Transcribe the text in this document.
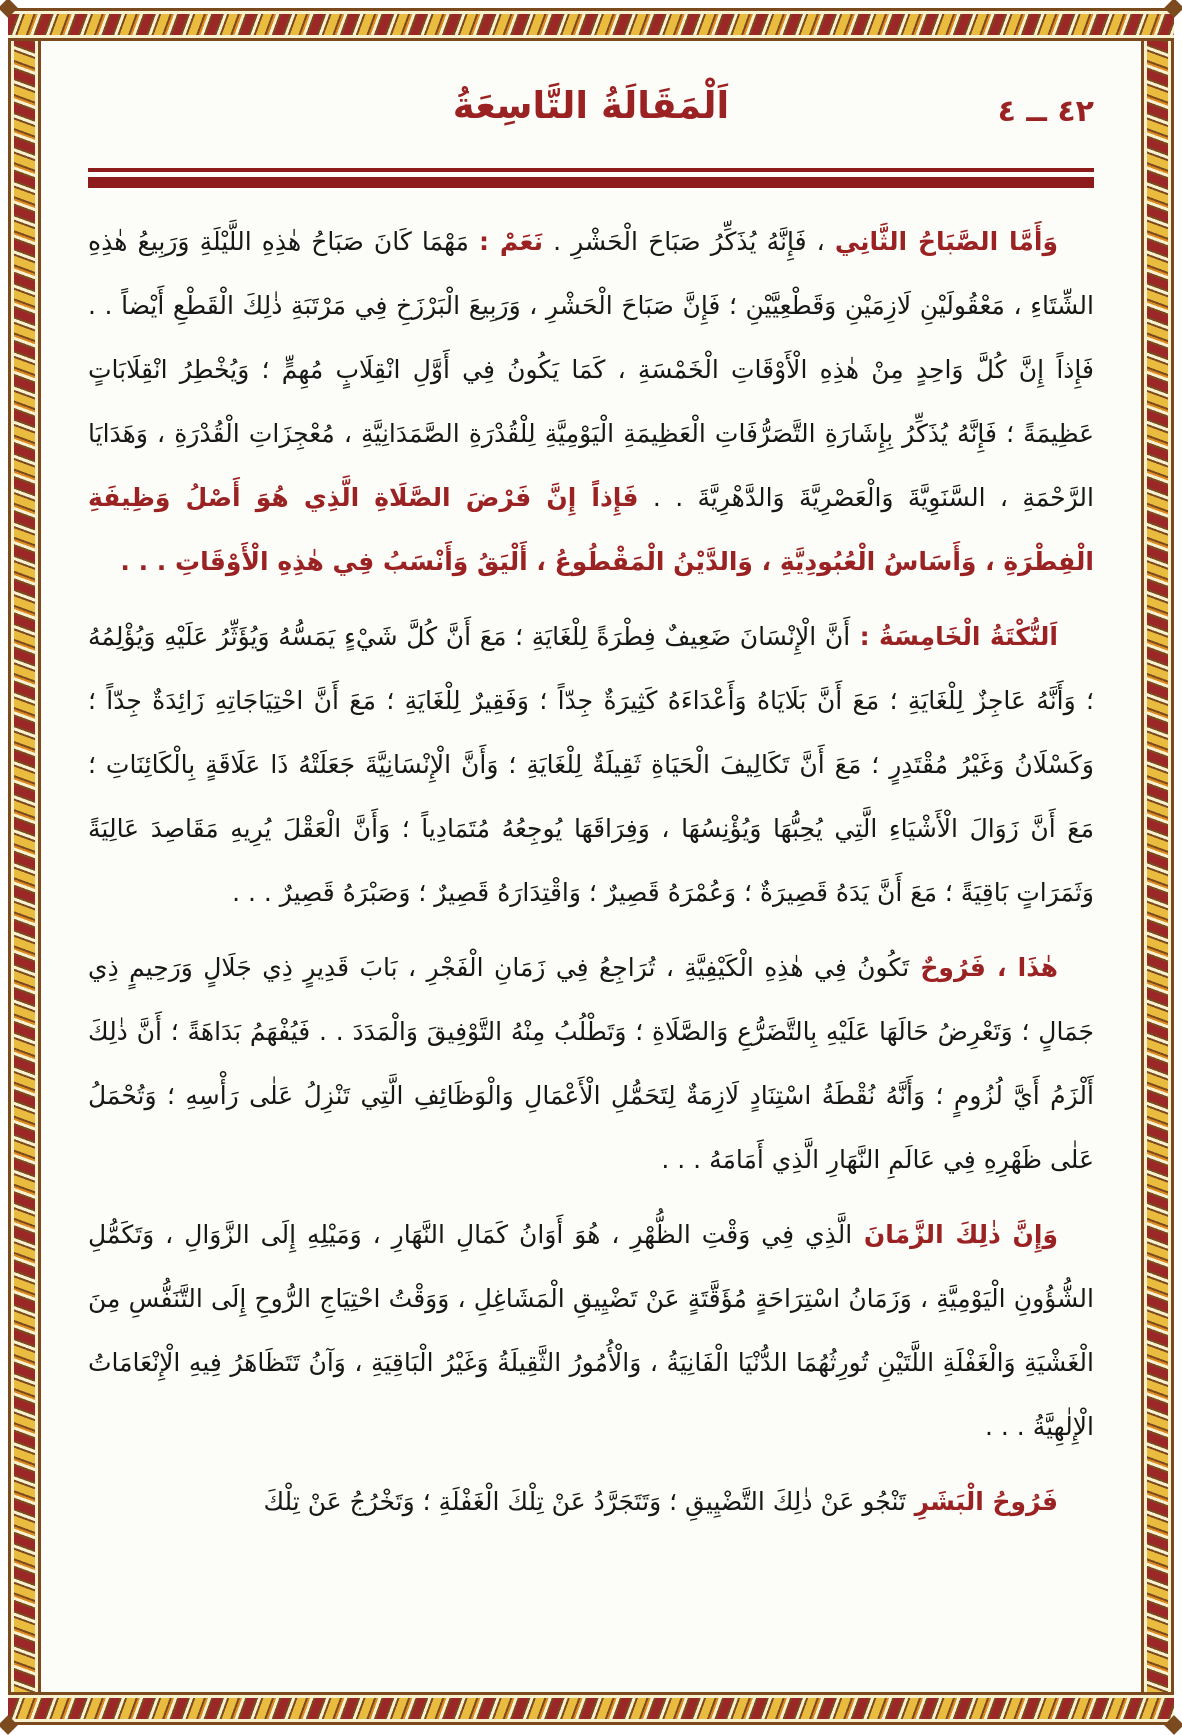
٤٢ ــ ٤
اَلْمَقَالَةُ التَّاسِعَةُ

وَأَمَّا الصَّبَاحُ الثَّانِي ، فَإِنَّهُ يُذَكِّرُ صَبَاحَ الْحَشْرِ . نَعَمْ : مَهْمَا كَانَ صَبَاحُ هٰذِهِ اللَّيْلَةِ وَرَبِيعُ هٰذِهِ الشِّتَاءِ ، مَعْقُولَيْنِ لَازِمَيْنِ وَقَطْعِيَّيْنِ ؛ فَإِنَّ صَبَاحَ الْحَشْرِ ، وَرَبِيعَ الْبَرْزَخِ فِي مَرْتَبَةِ ذٰلِكَ الْقَطْعِ أَيْضاً . . فَإِذاً إِنَّ كُلَّ وَاحِدٍ مِنْ هٰذِهِ الْأَوْقَاتِ الْخَمْسَةِ ، كَمَا يَكُونُ فِي أَوَّلِ انْقِلَابٍ مُهِمٍّ ؛ وَيُخْطِرُ انْقِلَابَاتٍ عَظِيمَةً ؛ فَإِنَّهُ يُذَكِّرُ بِإِشَارَةِ التَّصَرُّفَاتِ الْعَظِيمَةِ الْيَوْمِيَّةِ لِلْقُدْرَةِ الصَّمَدَانِيَّةِ ، مُعْجِزَاتِ الْقُدْرَةِ ، وَهَدَايَا الرَّحْمَةِ ، السَّنَوِيَّةَ وَالْعَصْرِيَّةَ وَالدَّهْرِيَّةَ . . فَإِذاً إِنَّ فَرْضَ الصَّلَاةِ الَّذِي هُوَ أَصْلُ وَظِيفَةِ الْفِطْرَةِ ، وَأَسَاسُ الْعُبُودِيَّةِ ، وَالدَّيْنُ الْمَقْطُوعُ ، أَلْيَقُ وَأَنْسَبُ فِي هٰذِهِ الْأَوْقَاتِ . . .

اَلنُّكْتَةُ الْخَامِسَةُ : أَنَّ الْإِنْسَانَ ضَعِيفٌ فِطْرَةً لِلْغَايَةِ ؛ مَعَ أَنَّ كُلَّ شَيْءٍ يَمَسُّهُ وَيُؤَثِّرُ عَلَيْهِ وَيُؤْلِمُهُ ؛ وَأَنَّهُ عَاجِزٌ لِلْغَايَةِ ؛ مَعَ أَنَّ بَلَايَاهُ وَأَعْدَاءَهُ كَثِيرَةٌ جِدّاً ؛ وَفَقِيرٌ لِلْغَايَةِ ؛ مَعَ أَنَّ احْتِيَاجَاتِهِ زَائِدَةٌ جِدّاً ؛ وَكَسْلَانُ وَغَيْرُ مُقْتَدِرٍ ؛ مَعَ أَنَّ تَكَالِيفَ الْحَيَاةِ ثَقِيلَةٌ لِلْغَايَةِ ؛ وَأَنَّ الْإِنْسَانِيَّةَ جَعَلَتْهُ ذَا عَلَاقَةٍ بِالْكَائِنَاتِ ؛ مَعَ أَنَّ زَوَالَ الْأَشْيَاءِ الَّتِي يُحِبُّهَا وَيُؤْنِسُهَا ، وَفِرَاقَهَا يُوجِعُهُ مُتَمَادِياً ؛ وَأَنَّ الْعَقْلَ يُرِيهِ مَقَاصِدَ عَالِيَةً وَثَمَرَاتٍ بَاقِيَةً ؛ مَعَ أَنَّ يَدَهُ قَصِيرَةٌ ؛ وَعُمْرَهُ قَصِيرٌ ؛ وَاقْتِدَارَهُ قَصِيرٌ ؛ وَصَبْرَهُ قَصِيرٌ . . .

هٰذَا ، فَرُوحٌ تَكُونُ فِي هٰذِهِ الْكَيْفِيَّةِ ، تُرَاجِعُ فِي زَمَانِ الْفَجْرِ ، بَابَ قَدِيرٍ ذِي جَلَالٍ وَرَحِيمٍ ذِي جَمَالٍ ؛ وَتَعْرِضُ حَالَهَا عَلَيْهِ بِالتَّضَرُّعِ وَالصَّلَاةِ ؛ وَتَطْلُبُ مِنْهُ التَّوْفِيقَ وَالْمَدَدَ . . فَيُفْهَمُ بَدَاهَةً ؛ أَنَّ ذٰلِكَ أَلْزَمُ أَيَّ لُزُومٍ ؛ وَأَنَّهُ نُقْطَةُ اسْتِنَادٍ لَازِمَةٌ لِتَحَمُّلِ الْأَعْمَالِ وَالْوَظَائِفِ الَّتِي تَنْزِلُ عَلٰى رَأْسِهِ ؛ وَتُحْمَلُ عَلٰى ظَهْرِهِ فِي عَالَمِ النَّهَارِ الَّذِي أَمَامَهُ . . .

وَإِنَّ ذٰلِكَ الزَّمَانَ الَّذِي فِي وَقْتِ الظُّهْرِ ، هُوَ أَوَانُ كَمَالِ النَّهَارِ ، وَمَيْلِهِ إِلَى الزَّوَالِ ، وَتَكَمُّلِ الشُّؤُونِ الْيَوْمِيَّةِ ، وَزَمَانُ اسْتِرَاحَةٍ مُؤَقَّتَةٍ عَنْ تَضْيِيقِ الْمَشَاغِلِ ، وَوَقْتُ احْتِيَاجِ الرُّوحِ إِلَى التَّنَفُّسِ مِنَ الْغَشْيَةِ وَالْغَفْلَةِ اللَّتَيْنِ تُورِثُهُمَا الدُّنْيَا الْفَانِيَةُ ، وَالْأُمُورُ الثَّقِيلَةُ وَغَيْرُ الْبَاقِيَةِ ، وَآنُ تَتَظَاهَرُ فِيهِ الْإِنْعَامَاتُ الْإِلٰهِيَّةُ . . .

فَرُوحُ الْبَشَرِ تَنْجُو عَنْ ذٰلِكَ التَّضْيِيقِ ؛ وَتَتَجَرَّدُ عَنْ تِلْكَ الْغَفْلَةِ ؛ وَتَخْرُجُ عَنْ تِلْكَ
